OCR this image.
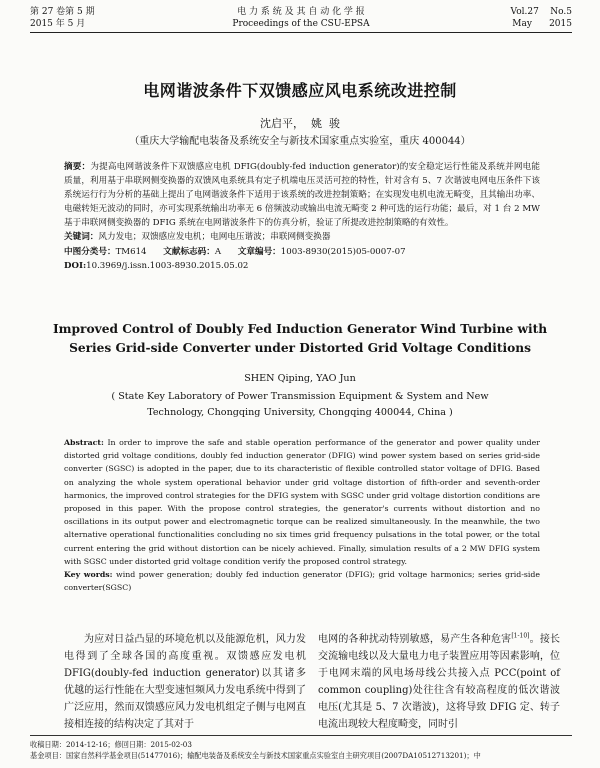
第 27 卷第 5 期
2015 年 5 月
电 力 系 统 及 其 自 动 化 学 报
Proceedings of the CSU-EPSA
Vol.27    No.5
May      2015
电网谐波条件下双馈感应风电系统改进控制
沈启平，  姚  骏
（重庆大学输配电装备及系统安全与新技术国家重点实验室，重庆 400044）

摘要：为提高电网谐波条件下双馈感应电机 DFIG(doubly-fed induction generator)的安全稳定运行性能及系统并网电能质量，利用基于串联网侧变换器的双馈风电系统具有定子机端电压灵活可控的特性，针对含有 5、7 次谐波电网电压条件下该系统运行行为分析的基础上提出了电网谐波条件下适用于该系统的改进控制策略；在实现发电机电流无畸变，且其输出功率、电磁转矩无波动的同时，亦可实现系统输出功率无 6 倍频波动或输出电流无畸变 2 种可选的运行功能；最后，对 1 台 2 MW 基于串联网侧变换器的 DFIG 系统在电网谐波条件下的仿真分析，验证了所提改进控制策略的有效性。

关键词：风力发电；双馈感应发电机；电网电压谐波；串联网侧变换器

中图分类号：TM614 文献标志码：A 文章编号：1003-8930(2015)05-0007-07

DOI:10.3969/j.issn.1003-8930.2015.05.02

Improved Control of Doubly Fed Induction Generator Wind Turbine with Series Grid-side Converter under Distorted Grid Voltage Conditions
SHEN Qiping, YAO Jun
( State Key Laboratory of Power Transmission Equipment & System and New
Technology, Chongqing University, Chongqing 400044, China )

Abstract: In order to improve the safe and stable operation performance of the generator and power quality under distorted grid voltage conditions, doubly fed induction generator (DFIG) wind power system based on series grid-side converter (SGSC) is adopted in the paper, due to its characteristic of flexible controlled stator voltage of DFIG. Based on analyzing the whole system operational behavior under grid voltage distortion of fifth-order and seventh-order harmonics, the improved control strategies for the DFIG system with SGSC under grid voltage distortion conditions are proposed in this paper. With the propose control strategies, the generator's currents without distortion and no oscillations in its output power and electromagnetic torque can be realized simultaneously. In the meanwhile, the two alternative operational functionalities concluding no six times grid frequency pulsations in the total power, or the total current entering the grid without distortion can be nicely achieved. Finally, simulation results of a 2 MW DFIG system with SGSC under distorted grid voltage condition verify the proposed control strategy.

Key words: wind power generation; doubly fed induction generator (DFIG); grid voltage harmonics; series grid-side converter(SGSC)

为应对日益凸显的环境危机以及能源危机，风力发电得到了全球各国的高度重视。双馈感应发电机 DFIG(doubly-fed induction generator)以其诸多优越的运行性能在大型变速恒频风力发电系统中得到了广泛应用，然而双馈感应风力发电机组定子侧与电网直接相连接的结构决定了其对于

电网的各种扰动特别敏感，易产生各种危害[1-10]。接长交流输电线以及大量电力电子装置应用等因素影响，位于电网末端的风电场母线公共接入点 PCC(point of common coupling)处往往含有较高程度的低次谐波电压(尤其是 5、7 次谐波)，这将导致 DFIG 定、转子电流出现较大程度畸变，同时引

收稿日期：2014-12-16；修回日期：2015-02-03
基金项目：国家自然科学基金项目(51477016)；输配电装备及系统安全与新技术国家重点实验室自主研究项目(2007DA10512713201)；中
